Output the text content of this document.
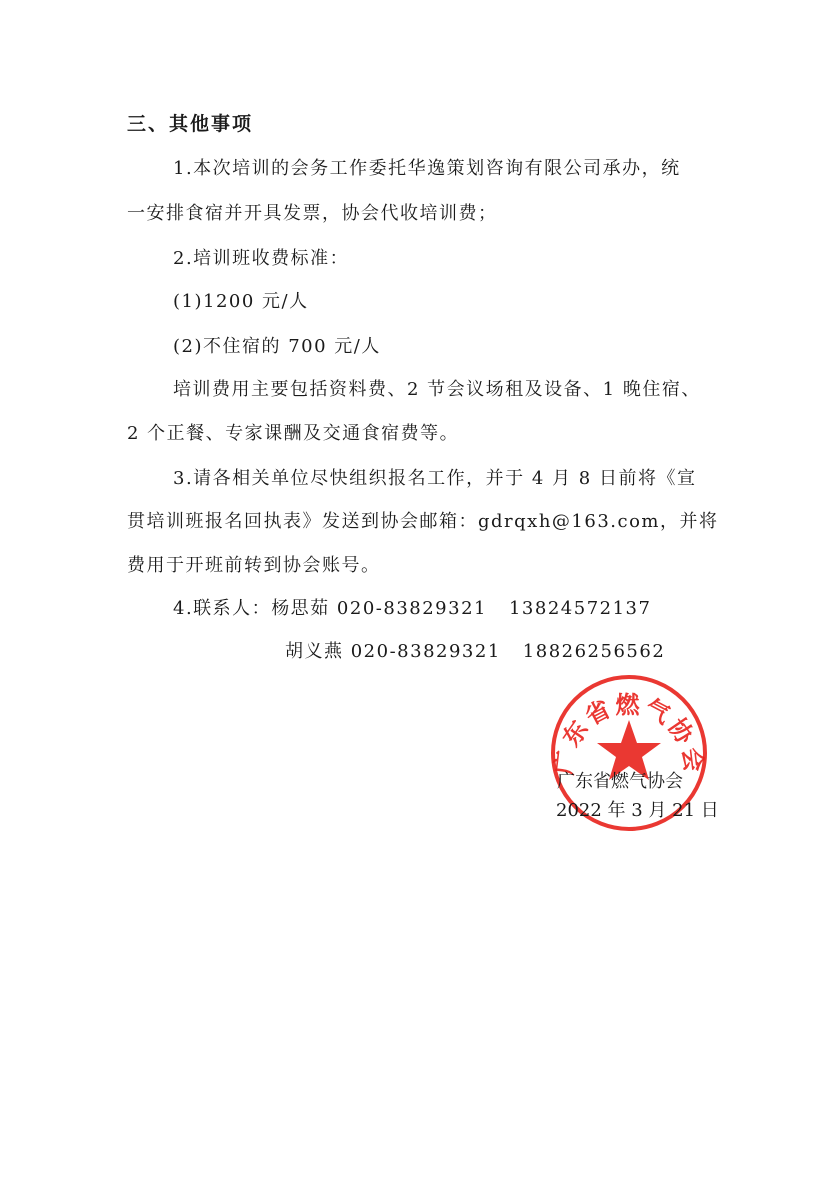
三、其他事项
1.本次培训的会务工作委托华逸策划咨询有限公司承办，统
一安排食宿并开具发票，协会代收培训费；
2.培训班收费标准：
(1)1200 元/人
(2)不住宿的 700 元/人
培训费用主要包括资料费、2 节会议场租及设备、1 晚住宿、
2 个正餐、专家课酬及交通食宿费等。
3.请各相关单位尽快组织报名工作，并于 4 月 8 日前将《宣
贯培训班报名回执表》发送到协会邮箱：gdrqxh@163.com，并将
费用于开班前转到协会账号。
4.联系人：杨思茹 020-83829321 13824572137
胡义燕 020-83829321 18826256562
广东省燃气协会
广东省燃气协会
2022 年 3 月 21 日
